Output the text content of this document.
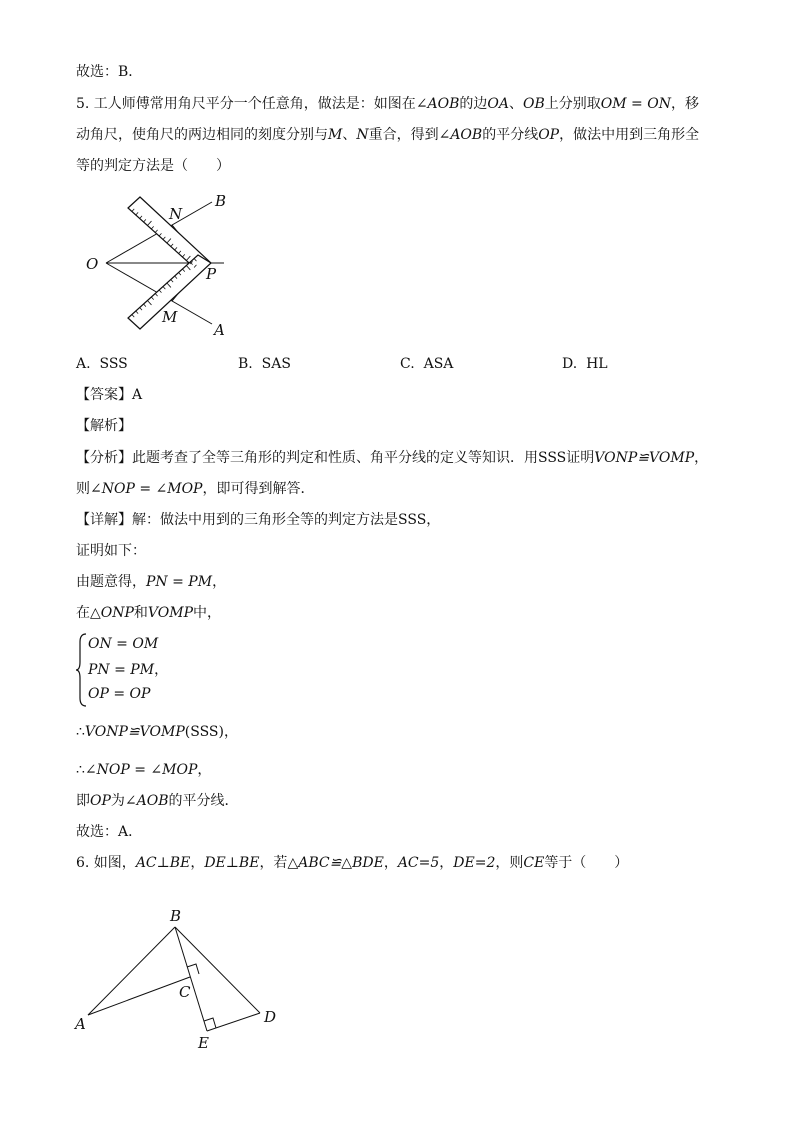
故选：B．
5. 工人师傅常用角尺平分一个任意角，做法是：如图在∠AOB的边OA、OB上分别取OM = ON，移
动角尺，使角尺的两边相同的刻度分别与M、N重合，得到∠AOB的平分线OP，做法中用到三角形全
等的判定方法是（　　）
O
N
B
P
M
A
A. SSS	B. SAS	C. ASA	D. HL
【答案】A
【解析】
【分析】此题考查了全等三角形的判定和性质、角平分线的定义等知识．用SSS证明VONP≌VOMP，
则∠NOP = ∠MOP，即可得到解答．
【详解】解：做法中用到的三角形全等的判定方法是SSS，
证明如下：
由题意得，PN = PM，
在△ONP和VOMP中，
ON = OM
PN = PM，
OP = OP
∴VONP≌VOMP(SSS)，
∴∠NOP = ∠MOP，
即OP为∠AOB的平分线．
故选：A．
6. 如图，AC⊥BE，DE⊥BE，若△ABC≌△BDE，AC=5，DE=2，则CE等于（　　）
B
C
A	D
E
